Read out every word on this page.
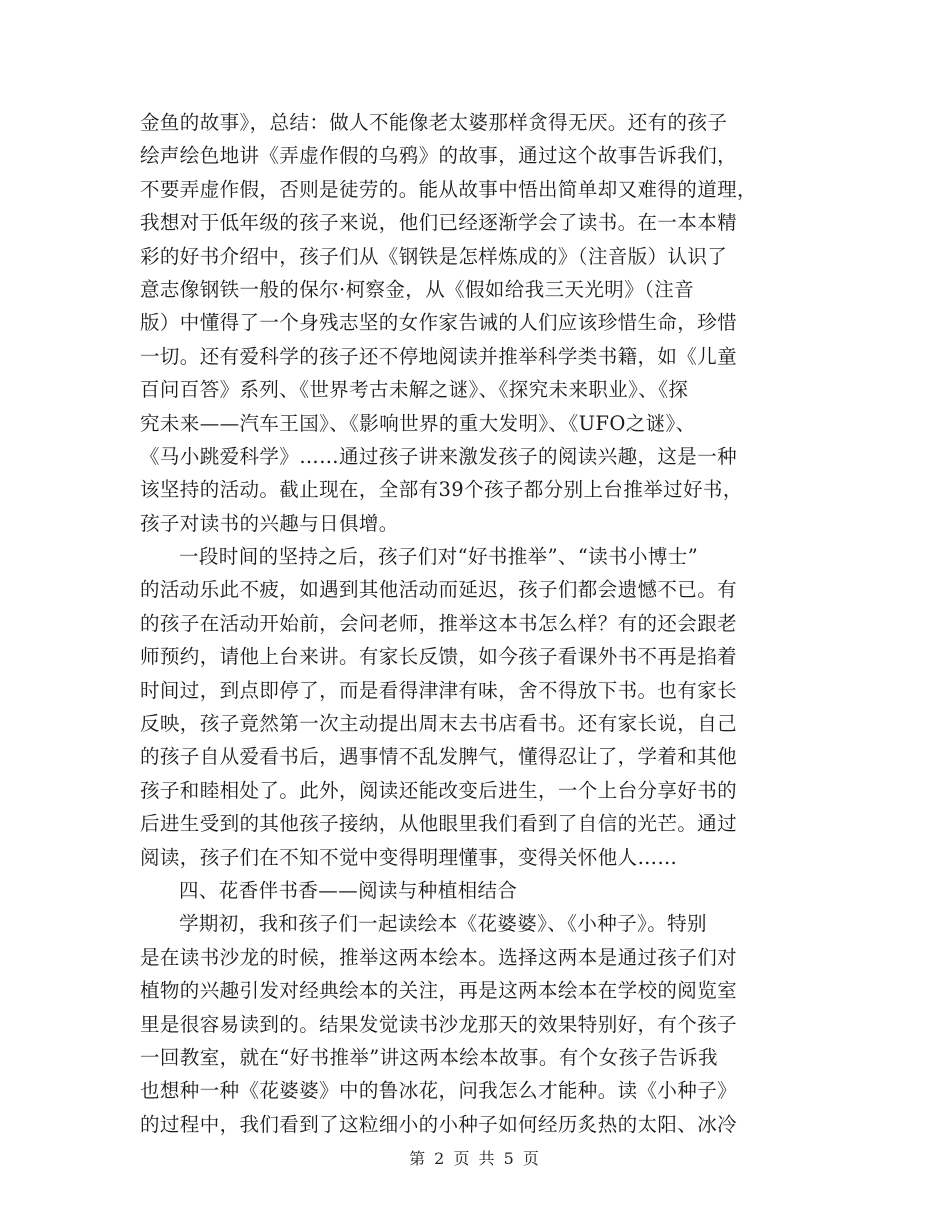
金鱼的故事》，总结：做人不能像老太婆那样贪得无厌。还有的孩子
绘声绘色地讲《弄虚作假的乌鸦》的故事，通过这个故事告诉我们，
不要弄虚作假，否则是徒劳的。能从故事中悟出简单却又难得的道理，
我想对于低年级的孩子来说，他们已经逐渐学会了读书。在一本本精
彩的好书介绍中，孩子们从《钢铁是怎样炼成的》（注音版）认识了
意志像钢铁一般的保尔·柯察金，从《假如给我三天光明》（注音
版）中懂得了一个身残志坚的女作家告诫的人们应该珍惜生命，珍惜
一切。还有爱科学的孩子还不停地阅读并推举科学类书籍，如《儿童
百问百答》系列、《世界考古未解之谜》、《探究未来职业》、《探
究未来——汽车王国》、《影响世界的重大发明》、《UFO之谜》、
《马小跳爱科学》……通过孩子讲来激发孩子的阅读兴趣，这是一种
该坚持的活动。截止现在，全部有39个孩子都分别上台推举过好书，
孩子对读书的兴趣与日俱增。
一段时间的坚持之后，孩子们对“好书推举”、“读书小博士”
的活动乐此不疲，如遇到其他活动而延迟，孩子们都会遗憾不已。有
的孩子在活动开始前，会问老师，推举这本书怎么样？有的还会跟老
师预约，请他上台来讲。有家长反馈，如今孩子看课外书不再是掐着
时间过，到点即停了，而是看得津津有味，舍不得放下书。也有家长
反映，孩子竟然第一次主动提出周末去书店看书。还有家长说，自己
的孩子自从爱看书后，遇事情不乱发脾气，懂得忍让了，学着和其他
孩子和睦相处了。此外，阅读还能改变后进生，一个上台分享好书的
后进生受到的其他孩子接纳，从他眼里我们看到了自信的光芒。通过
阅读，孩子们在不知不觉中变得明理懂事，变得关怀他人……
四、花香伴书香——阅读与种植相结合
学期初，我和孩子们一起读绘本《花婆婆》、《小种子》。特别
是在读书沙龙的时候，推举这两本绘本。选择这两本是通过孩子们对
植物的兴趣引发对经典绘本的关注，再是这两本绘本在学校的阅览室
里是很容易读到的。结果发觉读书沙龙那天的效果特别好，有个孩子
一回教室，就在“好书推举”讲这两本绘本故事。有个女孩子告诉我
也想种一种《花婆婆》中的鲁冰花，问我怎么才能种。读《小种子》
的过程中，我们看到了这粒细小的小种子如何经历炙热的太阳、冰冷
第 2 页 共 5 页
